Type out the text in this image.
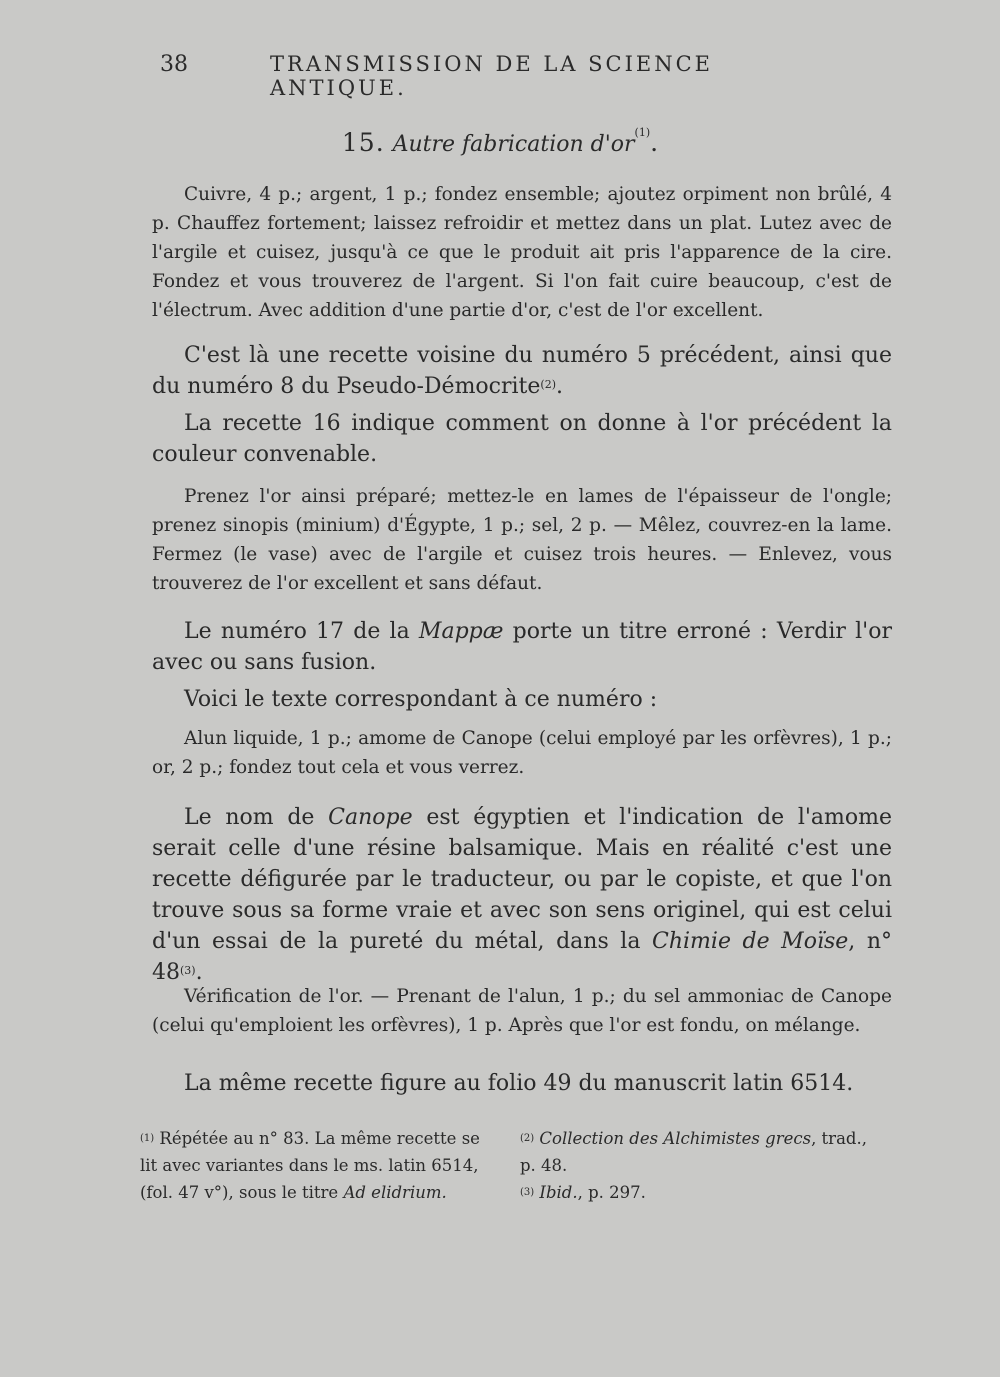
38	TRANSMISSION DE LA SCIENCE ANTIQUE.
15. Autre fabrication $d'or^{(1)}$.

Cuivre, 4 p.; argent, 1 p.; fondez ensemble; ajoutez orpiment non brûlé, 4 p. Chauffez fortement; laissez refroidir et mettez dans un plat. Lutez avec de l'argile et cuisez, jusqu'à ce que le produit ait pris l'apparence de la cire. Fondez et vous trouverez de l'argent. Si l'on fait cuire beaucoup, c'est de l'électrum. Avec addition d'une partie d'or, c'est de l'or excellent.

C'est là une recette voisine du numéro 5 précédent, ainsi que du numéro 8 du Pseudo-Démocrite$^{(2)}$.

La recette 16 indique comment on donne à l'or précédent la couleur convenable.

Prenez l'or ainsi préparé; mettez-le en lames de l'épaisseur de l'ongle; prenez sinopis (minium) d'Égypte, 1 p.; sel, 2 p. — Mêlez, couvrez-en la lame. Fermez (le vase) avec de l'argile et cuisez trois heures. — Enlevez, vous trouverez de l'or excellent et sans défaut.

Le numéro 17 de la Mappæ porte un titre erroné : Verdir l'or avec ou sans fusion.

Voici le texte correspondant à ce numéro :

Alun liquide, 1 p.; amome de Canope (celui employé par les orfèvres), 1 p.; or, 2 p.; fondez tout cela et vous verrez.

Le nom de Canope est égyptien et l'indication de l'amome serait celle d'une résine balsamique. Mais en réalité c'est une recette défigurée par le traducteur, ou par le copiste, et que l'on trouve sous sa forme vraie et avec son sens originel, qui est celui d'un essai de la pureté du métal, dans la Chimie de Moïse, n° 48$^{(3)}$.

Vérification de l'or. — Prenant de l'alun, 1 p.; du sel ammoniac de Canope (celui qu'emploient les orfèvres), 1 p. Après que l'or est fondu, on mélange.

La même recette figure au folio 49 du manuscrit latin 6514.

$^{(1)}$ Répétée au n° 83. La même recette se lit avec variantes dans le ms. latin 6514, (fol. 47 v°), sous le titre Ad elidrium.
$^{(2)}$ Collection des Alchimistes grecs, trad., p. 48.
$^{(3)}$ Ibid., p. 297.
